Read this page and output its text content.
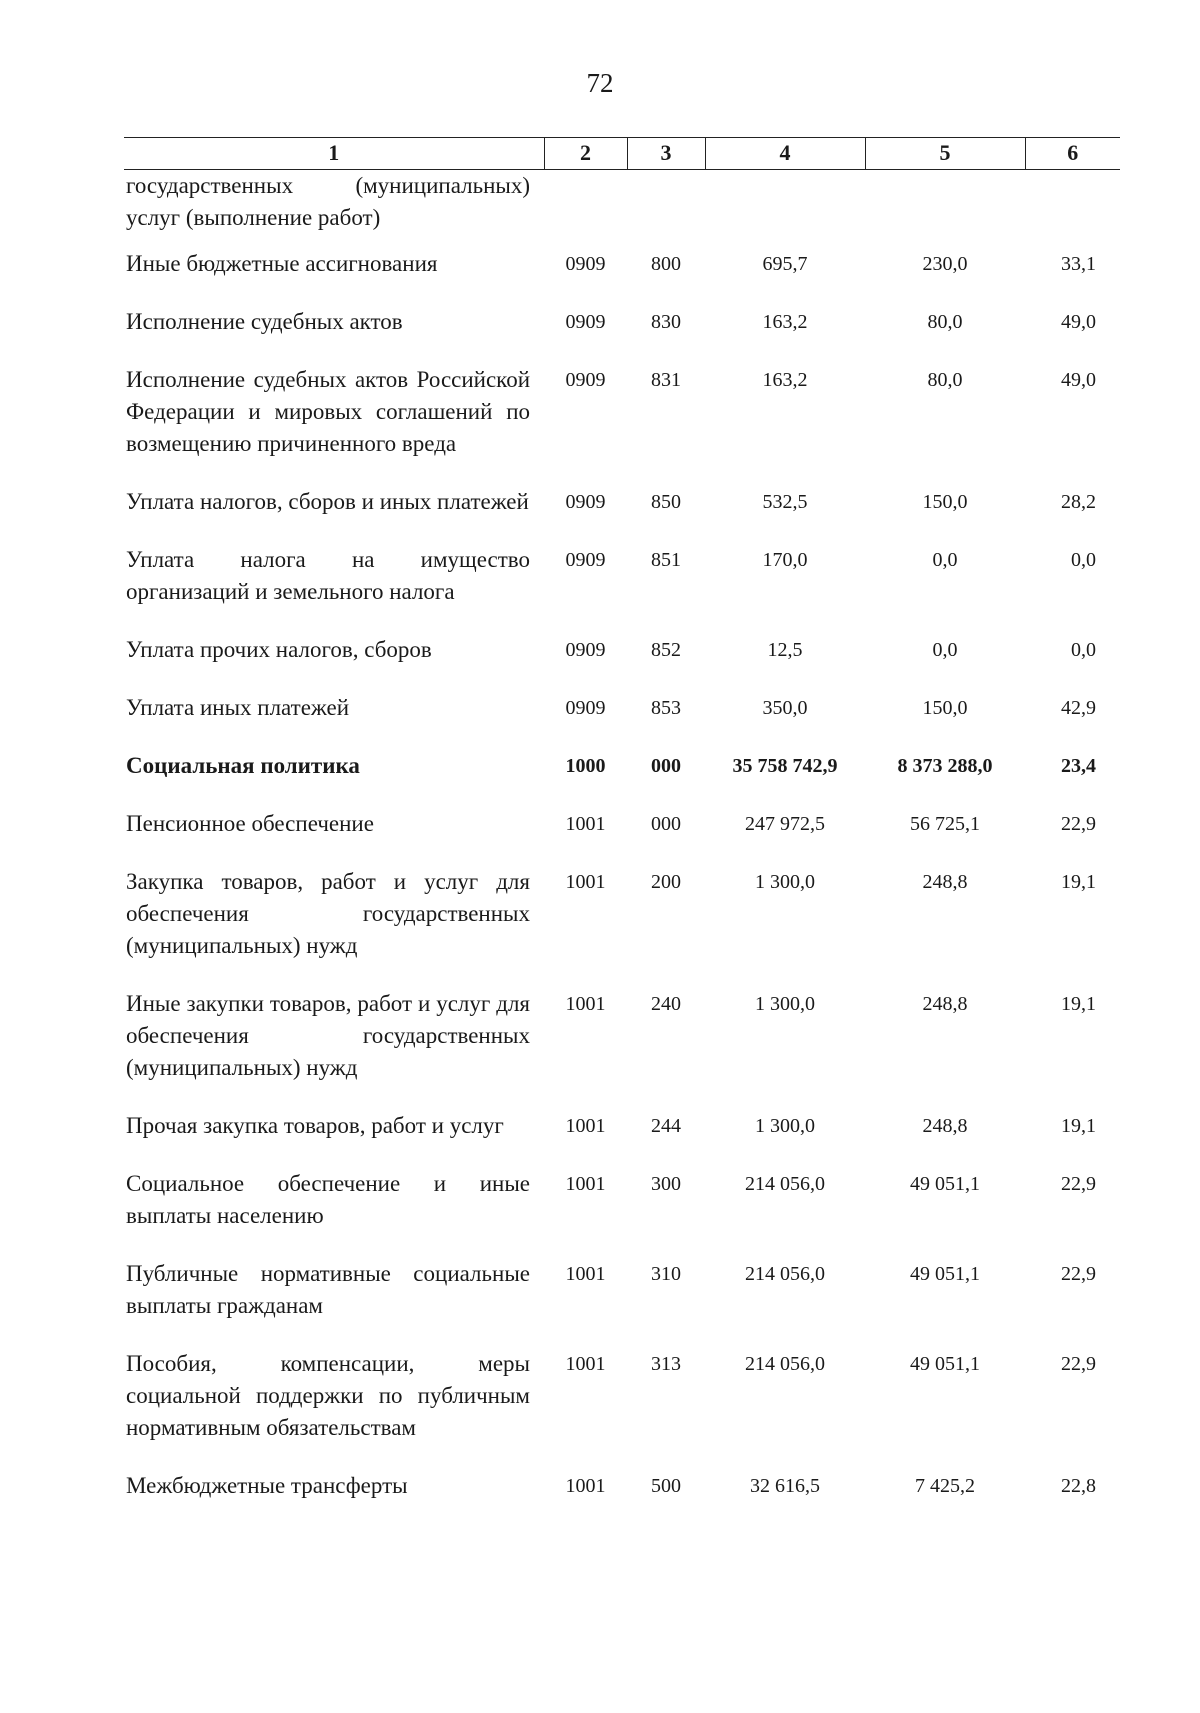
72
1	2	3	4	5	6
государственных (муниципальных) услуг (выполнение работ)					
Иные бюджетные ассигнования	0909	800	695,7	230,0	33,1
Исполнение судебных актов	0909	830	163,2	80,0	49,0
Исполнение судебных актов Российской Федерации и мировых соглашений по возмещению причиненного вреда	0909	831	163,2	80,0	49,0
Уплата налогов, сборов и иных платежей	0909	850	532,5	150,0	28,2
Уплата налога на имущество организаций и земельного налога	0909	851	170,0	0,0	0,0
Уплата прочих налогов, сборов	0909	852	12,5	0,0	0,0
Уплата иных платежей	0909	853	350,0	150,0	42,9
Социальная политика	1000	000	35 758 742,9	8 373 288,0	23,4
Пенсионное обеспечение	1001	000	247 972,5	56 725,1	22,9
Закупка товаров, работ и услуг для обеспечения государственных (муниципальных) нужд	1001	200	1 300,0	248,8	19,1
Иные закупки товаров, работ и услуг для обеспечения государственных (муниципальных) нужд	1001	240	1 300,0	248,8	19,1
Прочая закупка товаров, работ и услуг	1001	244	1 300,0	248,8	19,1
Социальное обеспечение и иные выплаты населению	1001	300	214 056,0	49 051,1	22,9
Публичные нормативные социальные выплаты гражданам	1001	310	214 056,0	49 051,1	22,9
Пособия, компенсации, меры социальной поддержки по публичным нормативным обязательствам	1001	313	214 056,0	49 051,1	22,9
Межбюджетные трансферты	1001	500	32 616,5	7 425,2	22,8
